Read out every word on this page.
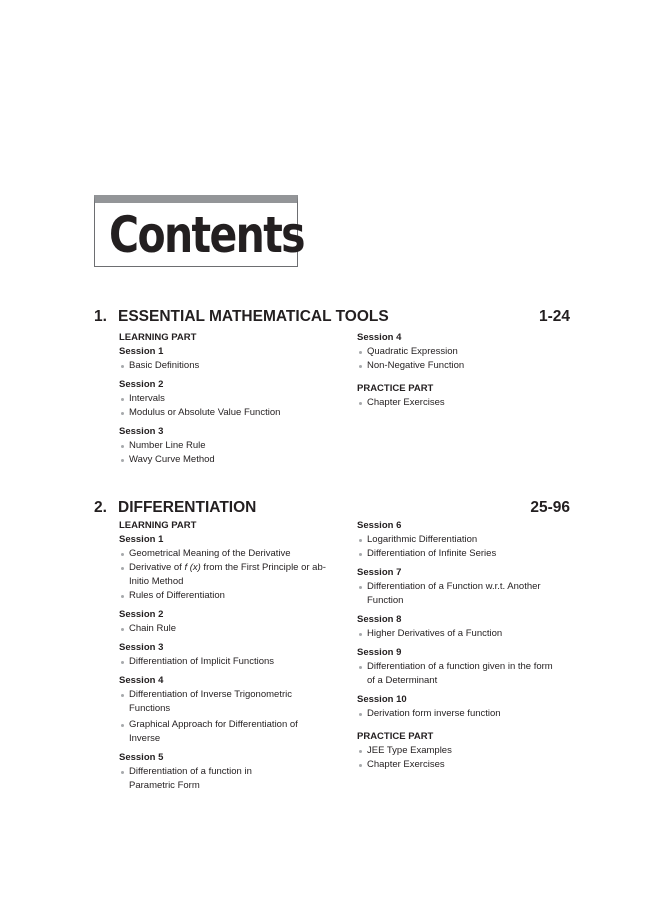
Contents
1. ESSENTIAL MATHEMATICAL TOOLS	1-24
LEARNING PART
Session 1
Basic Definitions
Session 2
Intervals
Modulus or Absolute Value Function
Session 3
Number Line Rule
Wavy Curve Method
Session 4
Quadratic Expression
Non-Negative Function
PRACTICE PART
Chapter Exercises
2. DIFFERENTIATION	25-96
LEARNING PART
Session 1
Geometrical Meaning of the Derivative
Derivative of f (x) from the First Principle or ab-
Initio Method
Rules of Differentiation
Session 2
Chain Rule
Session 3
Differentiation of Implicit Functions
Session 4
Differentiation of Inverse Trigonometric
Functions
Graphical Approach for Differentiation of
Inverse
Session 5
Differentiation of a function in
Parametric Form
Session 6
Logarithmic Differentiation
Differentiation of Infinite Series
Session 7
Differentiation of a Function w.r.t. Another
Function
Session 8
Higher Derivatives of a Function
Session 9
Differentiation of a function given in the form
of a Determinant
Session 10
Derivation form inverse function
PRACTICE PART
JEE Type Examples
Chapter Exercises
